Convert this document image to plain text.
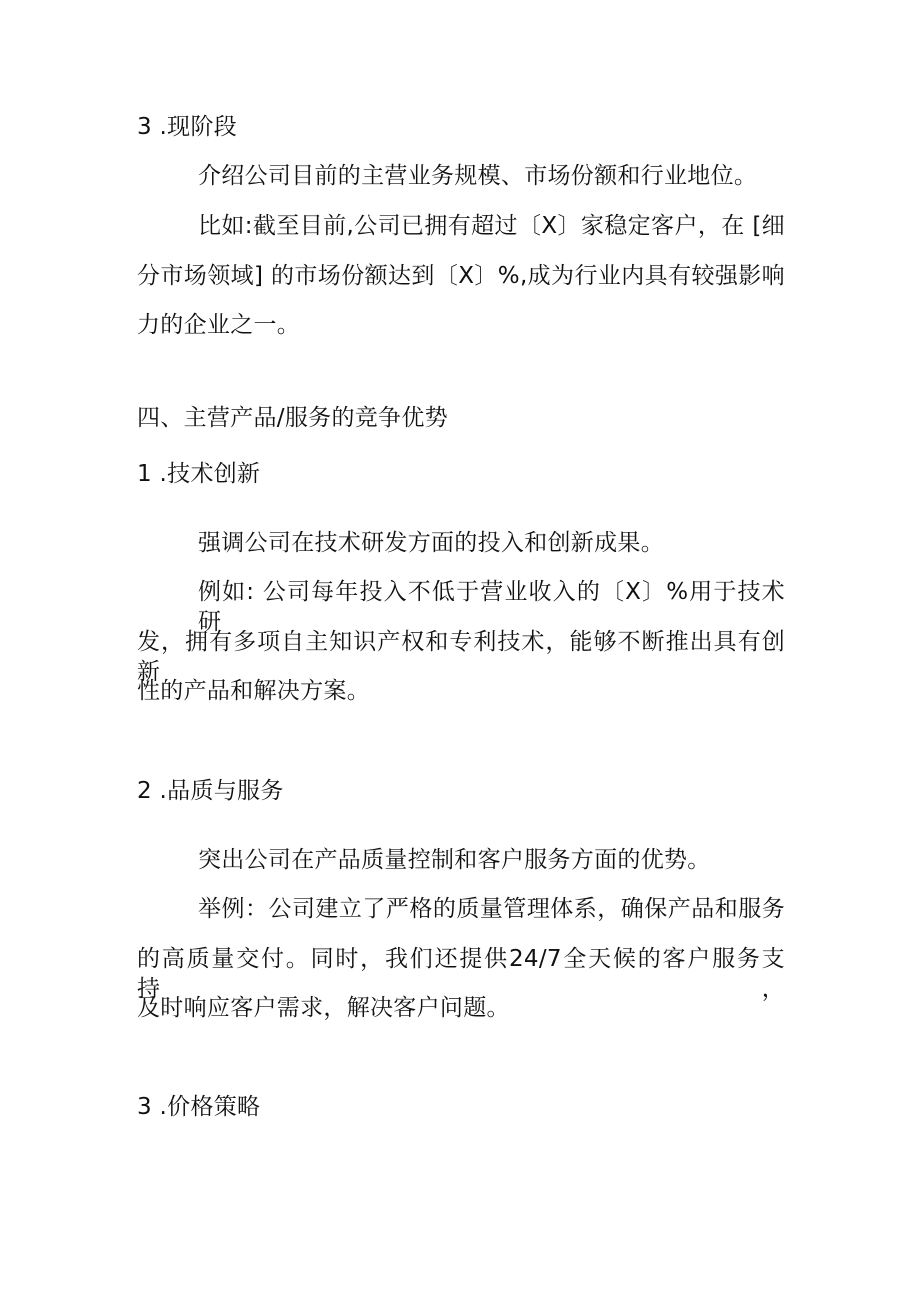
3 .现阶段
介绍公司目前的主营业务规模、市场份额和行业地位。
比如:截至目前,公司已拥有超过〔X〕家稳定客户，在 [细
分市场领域] 的市场份额达到〔X〕%,成为行业内具有较强影响
力的企业之一。
四、主营产品/服务的竞争优势
1 .技术创新
强调公司在技术研发方面的投入和创新成果。
例如: 公司每年投入不低于营业收入的〔X〕%用于技术研
发，拥有多项自主知识产权和专利技术，能够不断推出具有创新
性的产品和解决方案。
2 .品质与服务
突出公司在产品质量控制和客户服务方面的优势。
举例：公司建立了严格的质量管理体系，确保产品和服务
的高质量交付。同时，我们还提供24/7全天候的客户服务支持，
及时响应客户需求，解决客户问题。
3 .价格策略
